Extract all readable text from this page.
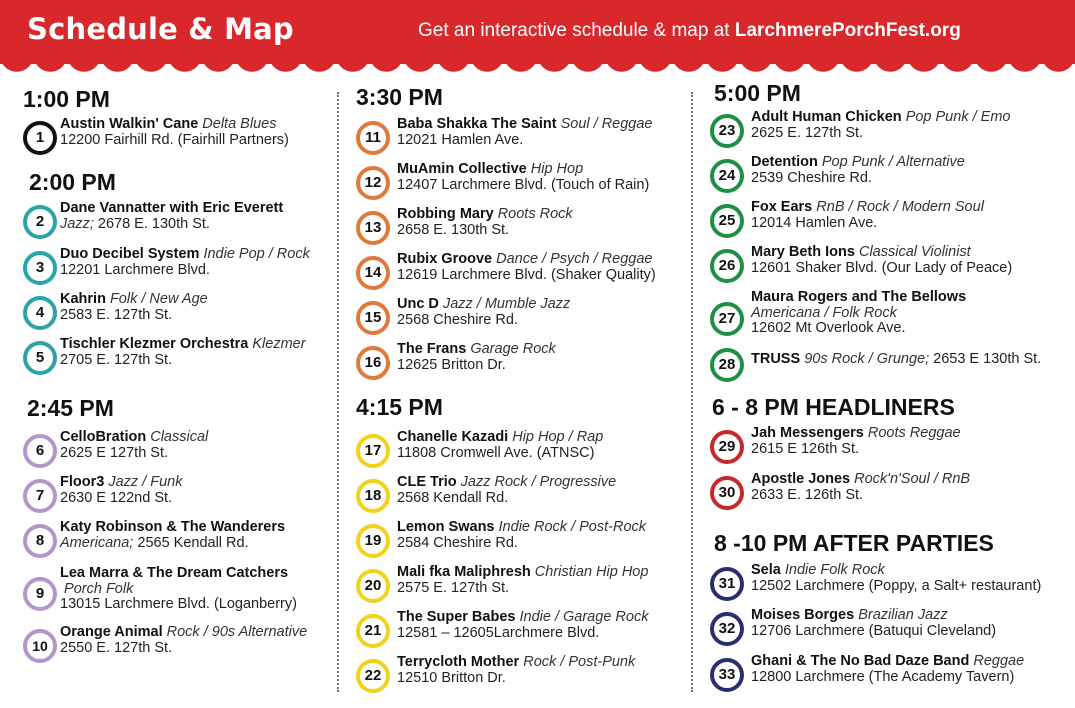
Schedule & Map	Get an interactive schedule & map at LarchmerePorchFest.org
1:00 PM
1
Austin Walkin' Cane Delta Blues
12200 Fairhill Rd. (Fairhill Partners)
2:00 PM
2
Dane Vannatter with Eric Everett
Jazz; 2678 E. 130th St.
3
Duo Decibel System Indie Pop / Rock
12201 Larchmere Blvd.
4
Kahrin Folk / New Age
2583 E. 127th St.
5
Tischler Klezmer Orchestra Klezmer
2705 E. 127th St.
2:45 PM
6
CelloBration Classical
2625 E 127th St.
7
Floor3 Jazz / Funk
2630 E 122nd St.
8
Katy Robinson & The Wanderers
Americana; 2565 Kendall Rd.
9
Lea Marra & The Dream Catchers
Porch Folk
13015 Larchmere Blvd. (Loganberry)
10
Orange Animal Rock / 90s Alternative
2550 E. 127th St.
3:30 PM
11
Baba Shakka The Saint Soul / Reggae
12021 Hamlen Ave.
12
MuAmin Collective Hip Hop
12407 Larchmere Blvd. (Touch of Rain)
13
Robbing Mary Roots Rock
2658 E. 130th St.
14
Rubix Groove Dance / Psych / Reggae
12619 Larchmere Blvd. (Shaker Quality)
15
Unc D Jazz / Mumble Jazz
2568 Cheshire Rd.
16
The Frans Garage Rock
12625 Britton Dr.
4:15 PM
17
Chanelle Kazadi Hip Hop / Rap
11808 Cromwell Ave. (ATNSC)
18
CLE Trio Jazz Rock / Progressive
2568 Kendall Rd.
19
Lemon Swans Indie Rock / Post-Rock
2584 Cheshire Rd.
20
Mali fka Maliphresh Christian Hip Hop
2575 E. 127th St.
21
The Super Babes Indie / Garage Rock
12581 – 12605Larchmere Blvd.
22
Terrycloth Mother Rock / Post-Punk
12510 Britton Dr.
5:00 PM
23
Adult Human Chicken Pop Punk / Emo
2625 E. 127th St.
24
Detention Pop Punk / Alternative
2539 Cheshire Rd.
25
Fox Ears RnB / Rock / Modern Soul
12014 Hamlen Ave.
26
Mary Beth Ions Classical Violinist
12601 Shaker Blvd. (Our Lady of Peace)
27
Maura Rogers and The Bellows
Americana / Folk Rock
12602 Mt Overlook Ave.
28	TRUSS 90s Rock / Grunge; 2653 E 130th St.
6 - 8 PM HEADLINERS
29
Jah Messengers Roots Reggae
2615 E 126th St.
30
Apostle Jones Rock'n'Soul / RnB
2633 E. 126th St.
8 -10 PM AFTER PARTIES
31
Sela Indie Folk Rock
12502 Larchmere (Poppy, a Salt+ restaurant)
32
Moises Borges Brazilian Jazz
12706 Larchmere (Batuqui Cleveland)
33
Ghani & The No Bad Daze Band Reggae
12800 Larchmere (The Academy Tavern)
